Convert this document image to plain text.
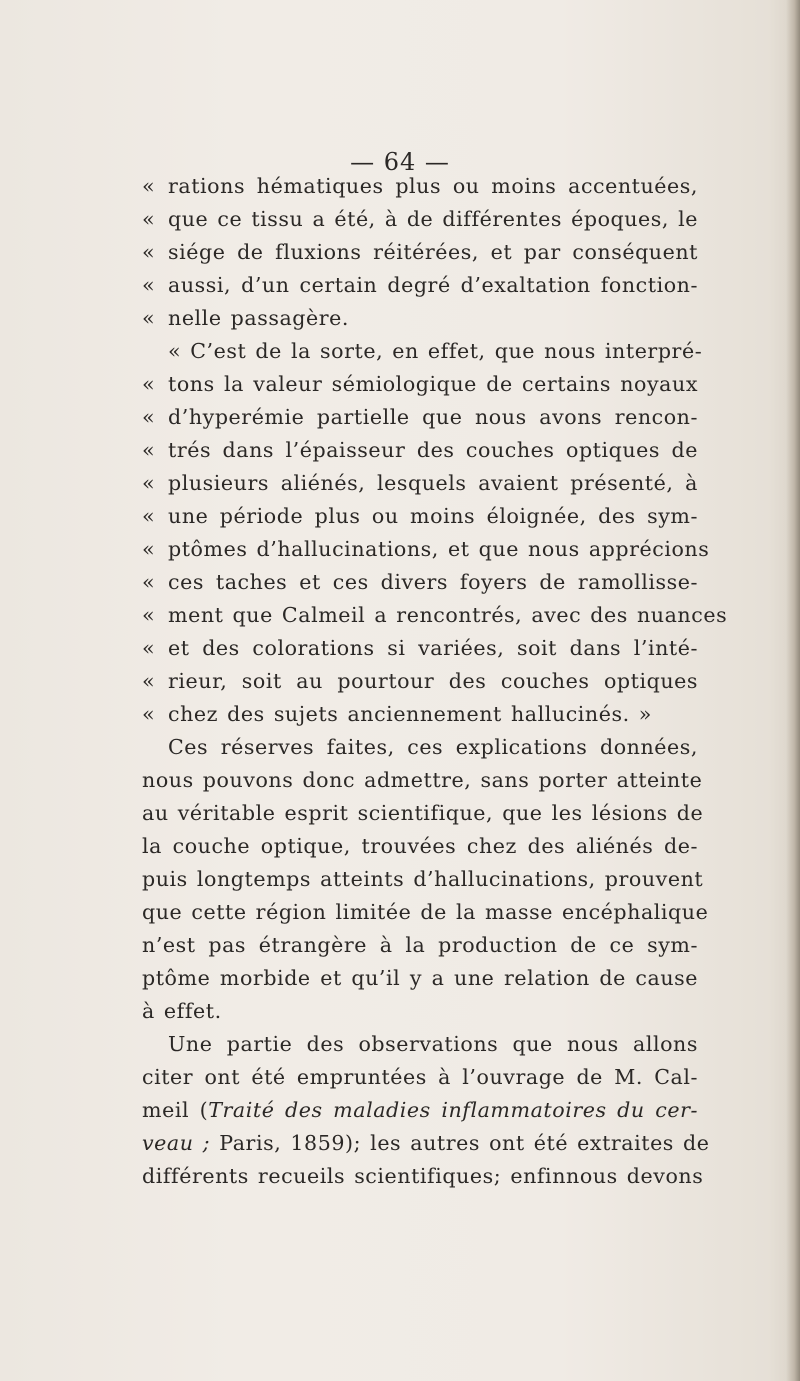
— 64 —
« rations hématiques plus ou moins accentuées,
« que ce tissu a été, à de différentes époques, le
« siége de fluxions réitérées, et par conséquent
« aussi, d’un certain degré d’exaltation fonction-
« nelle passagère.
« C’est de la sorte, en effet, que nous interpré-
« tons la valeur sémiologique de certains noyaux
« d’hyperémie partielle que nous avons rencon-
« trés dans l’épaisseur des couches optiques de
« plusieurs aliénés, lesquels avaient présenté, à
« une période plus ou moins éloignée, des sym-
« ptômes d’hallucinations, et que nous apprécions
« ces taches et ces divers foyers de ramollisse-
« ment que Calmeil a rencontrés, avec des nuances
« et des colorations si variées, soit dans l’inté-
« rieur, soit au pourtour des couches optiques
« chez des sujets anciennement hallucinés. »
Ces réserves faites, ces explications données,
nous pouvons donc admettre, sans porter atteinte
au véritable esprit scientifique, que les lésions de
la couche optique, trouvées chez des aliénés de-
puis longtemps atteints d’hallucinations, prouvent
que cette région limitée de la masse encéphalique
n’est pas étrangère à la production de ce sym-
ptôme morbide et qu’il y a une relation de cause
à effet.
Une partie des observations que nous allons
citer ont été empruntées à l’ouvrage de M. Cal-
meil (Traité des maladies inflammatoires du cer-
veau ; Paris, 1859); les autres ont été extraites de
différents recueils scientifiques; enfinnous devons
